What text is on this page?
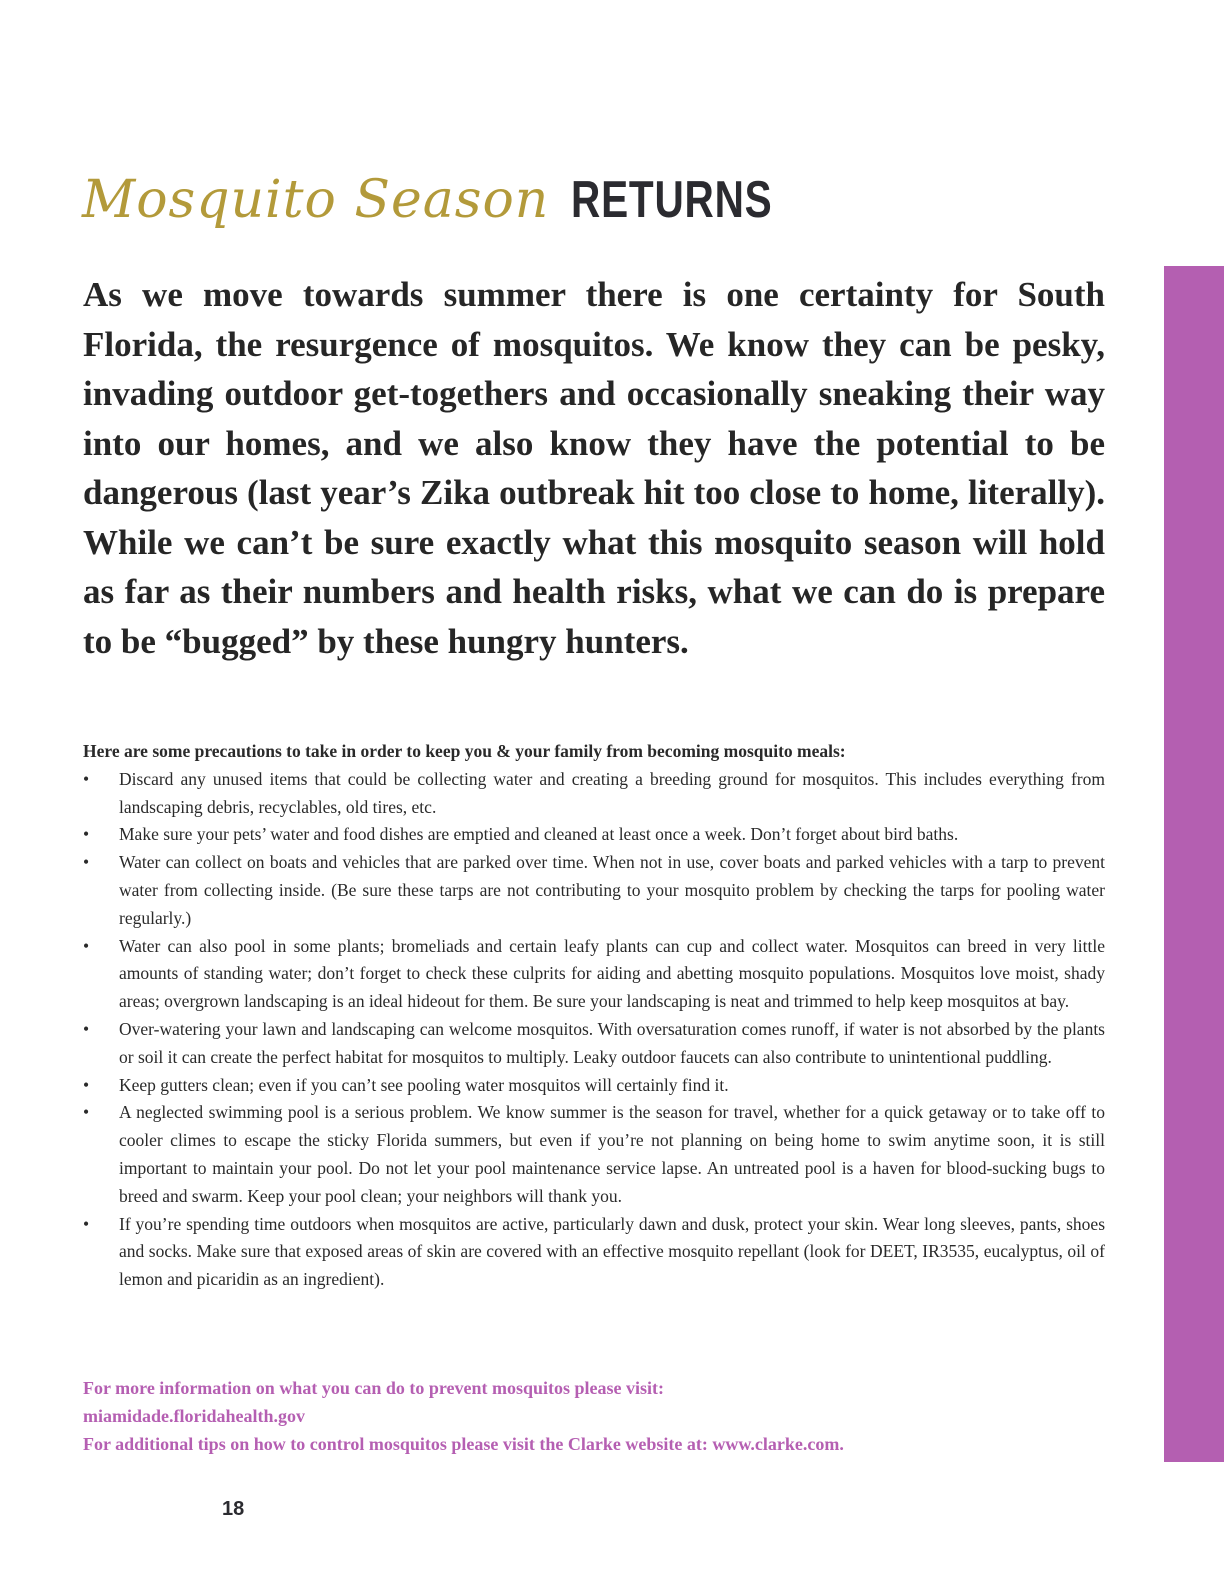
Mosquito Season RETURNS

As we move towards summer there is one certainty for South Florida, the resurgence of mosquitos. We know they can be pesky, invading outdoor get-togethers and occasionally sneaking their way into our homes, and we also know they have the potential to be dangerous (last year’s Zika outbreak hit too close to home, literally). While we can’t be sure exactly what this mosquito season will hold as far as their numbers and health risks, what we can do is prepare to be “bugged” by these hungry hunters.

Here are some precautions to take in order to keep you & your family from becoming mosquito meals:

• Discard any unused items that could be collecting water and creating a breeding ground for mosquitos. This includes everything from landscaping debris, recyclables, old tires, etc.
• Make sure your pets’ water and food dishes are emptied and cleaned at least once a week. Don’t forget about bird baths.
• Water can collect on boats and vehicles that are parked over time. When not in use, cover boats and parked vehicles with a tarp to prevent water from collecting inside. (Be sure these tarps are not contributing to your mosquito problem by checking the tarps for pooling water regularly.)
• Water can also pool in some plants; bromeliads and certain leafy plants can cup and collect water. Mosquitos can breed in very little amounts of standing water; don’t forget to check these culprits for aiding and abetting mosquito populations. Mosquitos love moist, shady areas; overgrown landscaping is an ideal hideout for them. Be sure your landscaping is neat and trimmed to help keep mosquitos at bay.
• Over-watering your lawn and landscaping can welcome mosquitos. With oversaturation comes runoff, if water is not absorbed by the plants or soil it can create the perfect habitat for mosquitos to multiply. Leaky outdoor faucets can also contribute to unintentional puddling.
• Keep gutters clean; even if you can’t see pooling water mosquitos will certainly find it.
• A neglected swimming pool is a serious problem. We know summer is the season for travel, whether for a quick getaway or to take off to cooler climes to escape the sticky Florida summers, but even if you’re not planning on being home to swim anytime soon, it is still important to maintain your pool. Do not let your pool maintenance service lapse. An untreated pool is a haven for blood-sucking bugs to breed and swarm. Keep your pool clean; your neighbors will thank you.
• If you’re spending time outdoors when mosquitos are active, particularly dawn and dusk, protect your skin. Wear long sleeves, pants, shoes and socks. Make sure that exposed areas of skin are covered with an effective mosquito repellant (look for DEET, IR3535, eucalyptus, oil of lemon and picaridin as an ingredient).
For more information on what you can do to prevent mosquitos please visit:
miamidade.floridahealth.gov
For additional tips on how to control mosquitos please visit the Clarke website at: www.clarke.com.
18
